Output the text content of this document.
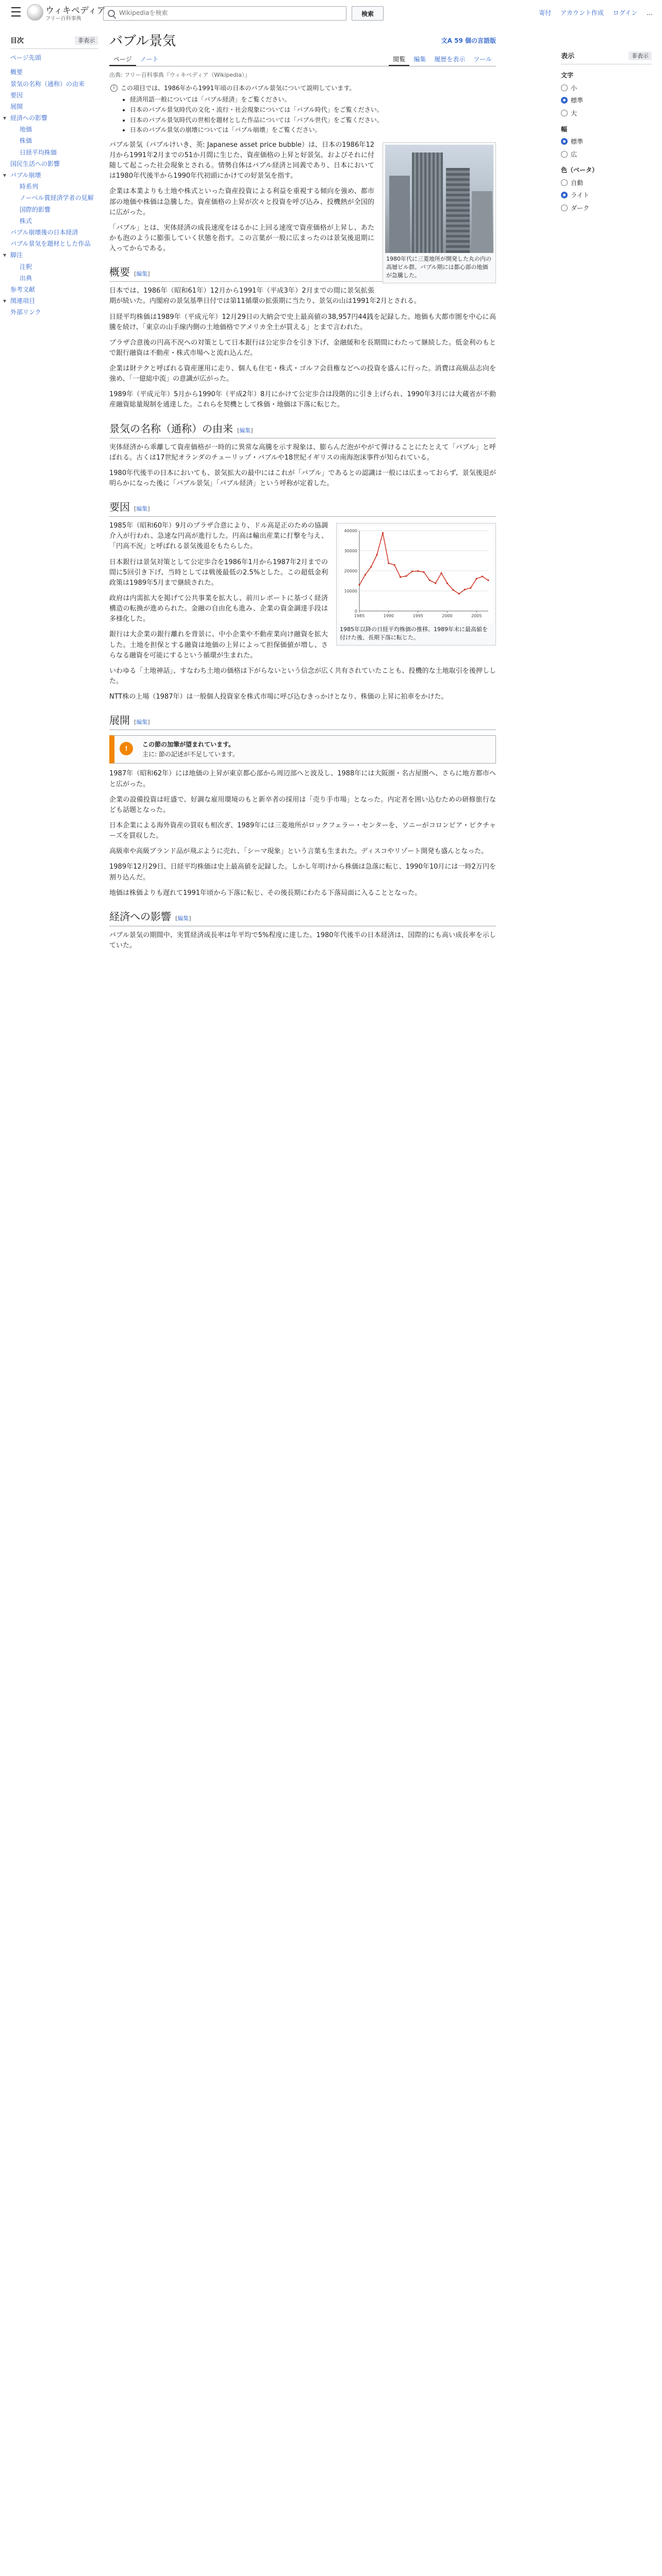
ウィキペディア
フリー百科事典
Wikipediaを検索
検索	寄付 アカウント作成 ログイン …
目次	非表示
ページ先頭
概要
景気の名称（通称）の由来
要因
展開
▾ 経済への影響
地価
株価
日経平均株価
国民生活への影響
▾ バブル崩壊
時系列
ノーベル賞経済学者の見解
国際的影響
株式
バブル崩壊後の日本経済
バブル景気を題材とした作品
▾ 脚注
注釈
出典
参考文献
▾ 関連項目
外部リンク
バブル景気	文A 59 個の言語版
ページ ノート	閲覧 編集 履歴を表示 ツール
出典: フリー百科事典『ウィキペディア（Wikipedia）』
i この項目では、1986年から1991年頃の日本のバブル景気について説明しています。
• 経済用語一般については「バブル経済」をご覧ください。
• 日本のバブル景気時代の文化・流行・社会現象については「バブル時代」をご覧ください。
• 日本のバブル景気時代の世相を題材とした作品については「バブル世代」をご覧ください。
• 日本のバブル景気の崩壊については「バブル崩壊」をご覧ください。
1980年代に三菱地所が開発した丸の内の高層ビル群。バブル期には都心部の地価が急騰した。

バブル景気（バブルけいき、英: Japanese asset price bubble）は、日本の1986年12月から1991年2月までの51か月間に生じた、資産価格の上昇と好景気、およびそれに付随して起こった社会現象とされる。情勢自体はバブル経済と同義であり、日本においては1980年代後半から1990年代初頭にかけての好景気を指す。

企業は本業よりも土地や株式といった資産投資による利益を重視する傾向を強め、都市部の地価や株価は急騰した。資産価格の上昇が次々と投資を呼び込み、投機熱が全国的に広がった。

「バブル」とは、実体経済の成長速度をはるかに上回る速度で資産価格が上昇し、あたかも泡のように膨張していく状態を指す。この言葉が一般に広まったのは景気後退期に入ってからである。

概要 [編集]

日本では、1986年（昭和61年）12月から1991年（平成3年）2月までの間に景気拡張期が続いた。内閣府の景気基準日付では第11循環の拡張期に当たり、景気の山は1991年2月とされる。

日経平均株価は1989年（平成元年）12月29日の大納会で史上最高値の38,957円44銭を記録した。地価も大都市圏を中心に高騰を続け、「東京の山手線内側の土地価格でアメリカ全土が買える」とまで言われた。

プラザ合意後の円高不況への対策として日本銀行は公定歩合を引き下げ、金融緩和を長期間にわたって継続した。低金利のもとで銀行融資は不動産・株式市場へと流れ込んだ。

企業は財テクと呼ばれる資産運用に走り、個人も住宅・株式・ゴルフ会員権などへの投資を盛んに行った。消費は高級品志向を強め、「一億総中流」の意識が広がった。

1989年（平成元年）5月から1990年（平成2年）8月にかけて公定歩合は段階的に引き上げられ、1990年3月には大蔵省が不動産融資総量規制を通達した。これらを契機として株価・地価は下落に転じた。

景気の名称（通称）の由来 [編集]

実体経済から乖離して資産価格が一時的に異常な高騰を示す現象は、膨らんだ泡がやがて弾けることにたとえて「バブル」と呼ばれる。古くは17世紀オランダのチューリップ・バブルや18世紀イギリスの南海泡沫事件が知られている。

1980年代後半の日本においても、景気拡大の最中にはこれが「バブル」であるとの認識は一般には広まっておらず、景気後退が明らかになった後に「バブル景気」「バブル経済」という呼称が定着した。

要因 [編集]
0
10000
20000
30000
40000
1985	1990	1995	2000	2005
1985年以降の日経平均株価の推移。1989年末に最高値を付けた後、長期下落に転じた。

1985年（昭和60年）9月のプラザ合意により、ドル高是正のための協調介入が行われ、急速な円高が進行した。円高は輸出産業に打撃を与え、「円高不況」と呼ばれる景気後退をもたらした。

日本銀行は景気対策として公定歩合を1986年1月から1987年2月までの間に5回引き下げ、当時としては戦後最低の2.5%とした。この超低金利政策は1989年5月まで継続された。

政府は内需拡大を掲げて公共事業を拡大し、前川レポートに基づく経済構造の転換が進められた。金融の自由化も進み、企業の資金調達手段は多様化した。

銀行は大企業の銀行離れを背景に、中小企業や不動産業向け融資を拡大した。土地を担保とする融資は地価の上昇によって担保価値が増し、さらなる融資を可能にするという循環が生まれた。

いわゆる「土地神話」、すなわち土地の価格は下がらないという信念が広く共有されていたことも、投機的な土地取引を後押しした。

NTT株の上場（1987年）は一般個人投資家を株式市場に呼び込むきっかけとなり、株価の上昇に拍車をかけた。

展開 [編集]
!
この節の加筆が望まれています。
主に: 節の記述が不足しています。

1987年（昭和62年）には地価の上昇が東京都心部から周辺部へと波及し、1988年には大阪圏・名古屋圏へ、さらに地方都市へと広がった。

企業の設備投資は旺盛で、好調な雇用環境のもと新卒者の採用は「売り手市場」となった。内定者を囲い込むための研修旅行なども話題となった。

日本企業による海外資産の買収も相次ぎ、1989年には三菱地所がロックフェラー・センターを、ソニーがコロンビア・ピクチャーズを買収した。

高級車や高級ブランド品が飛ぶように売れ、「シーマ現象」という言葉も生まれた。ディスコやリゾート開発も盛んとなった。

1989年12月29日、日経平均株価は史上最高値を記録した。しかし年明けから株価は急落に転じ、1990年10月には一時2万円を割り込んだ。

地価は株価よりも遅れて1991年頃から下落に転じ、その後長期にわたる下落局面に入ることとなった。

経済への影響 [編集]

バブル景気の期間中、実質経済成長率は年平均で5%程度に達した。1980年代後半の日本経済は、国際的にも高い成長率を示していた。

表示	非表示
文字
小
標準
大
幅
標準
広
色（ベータ）
自動
ライト
ダーク
